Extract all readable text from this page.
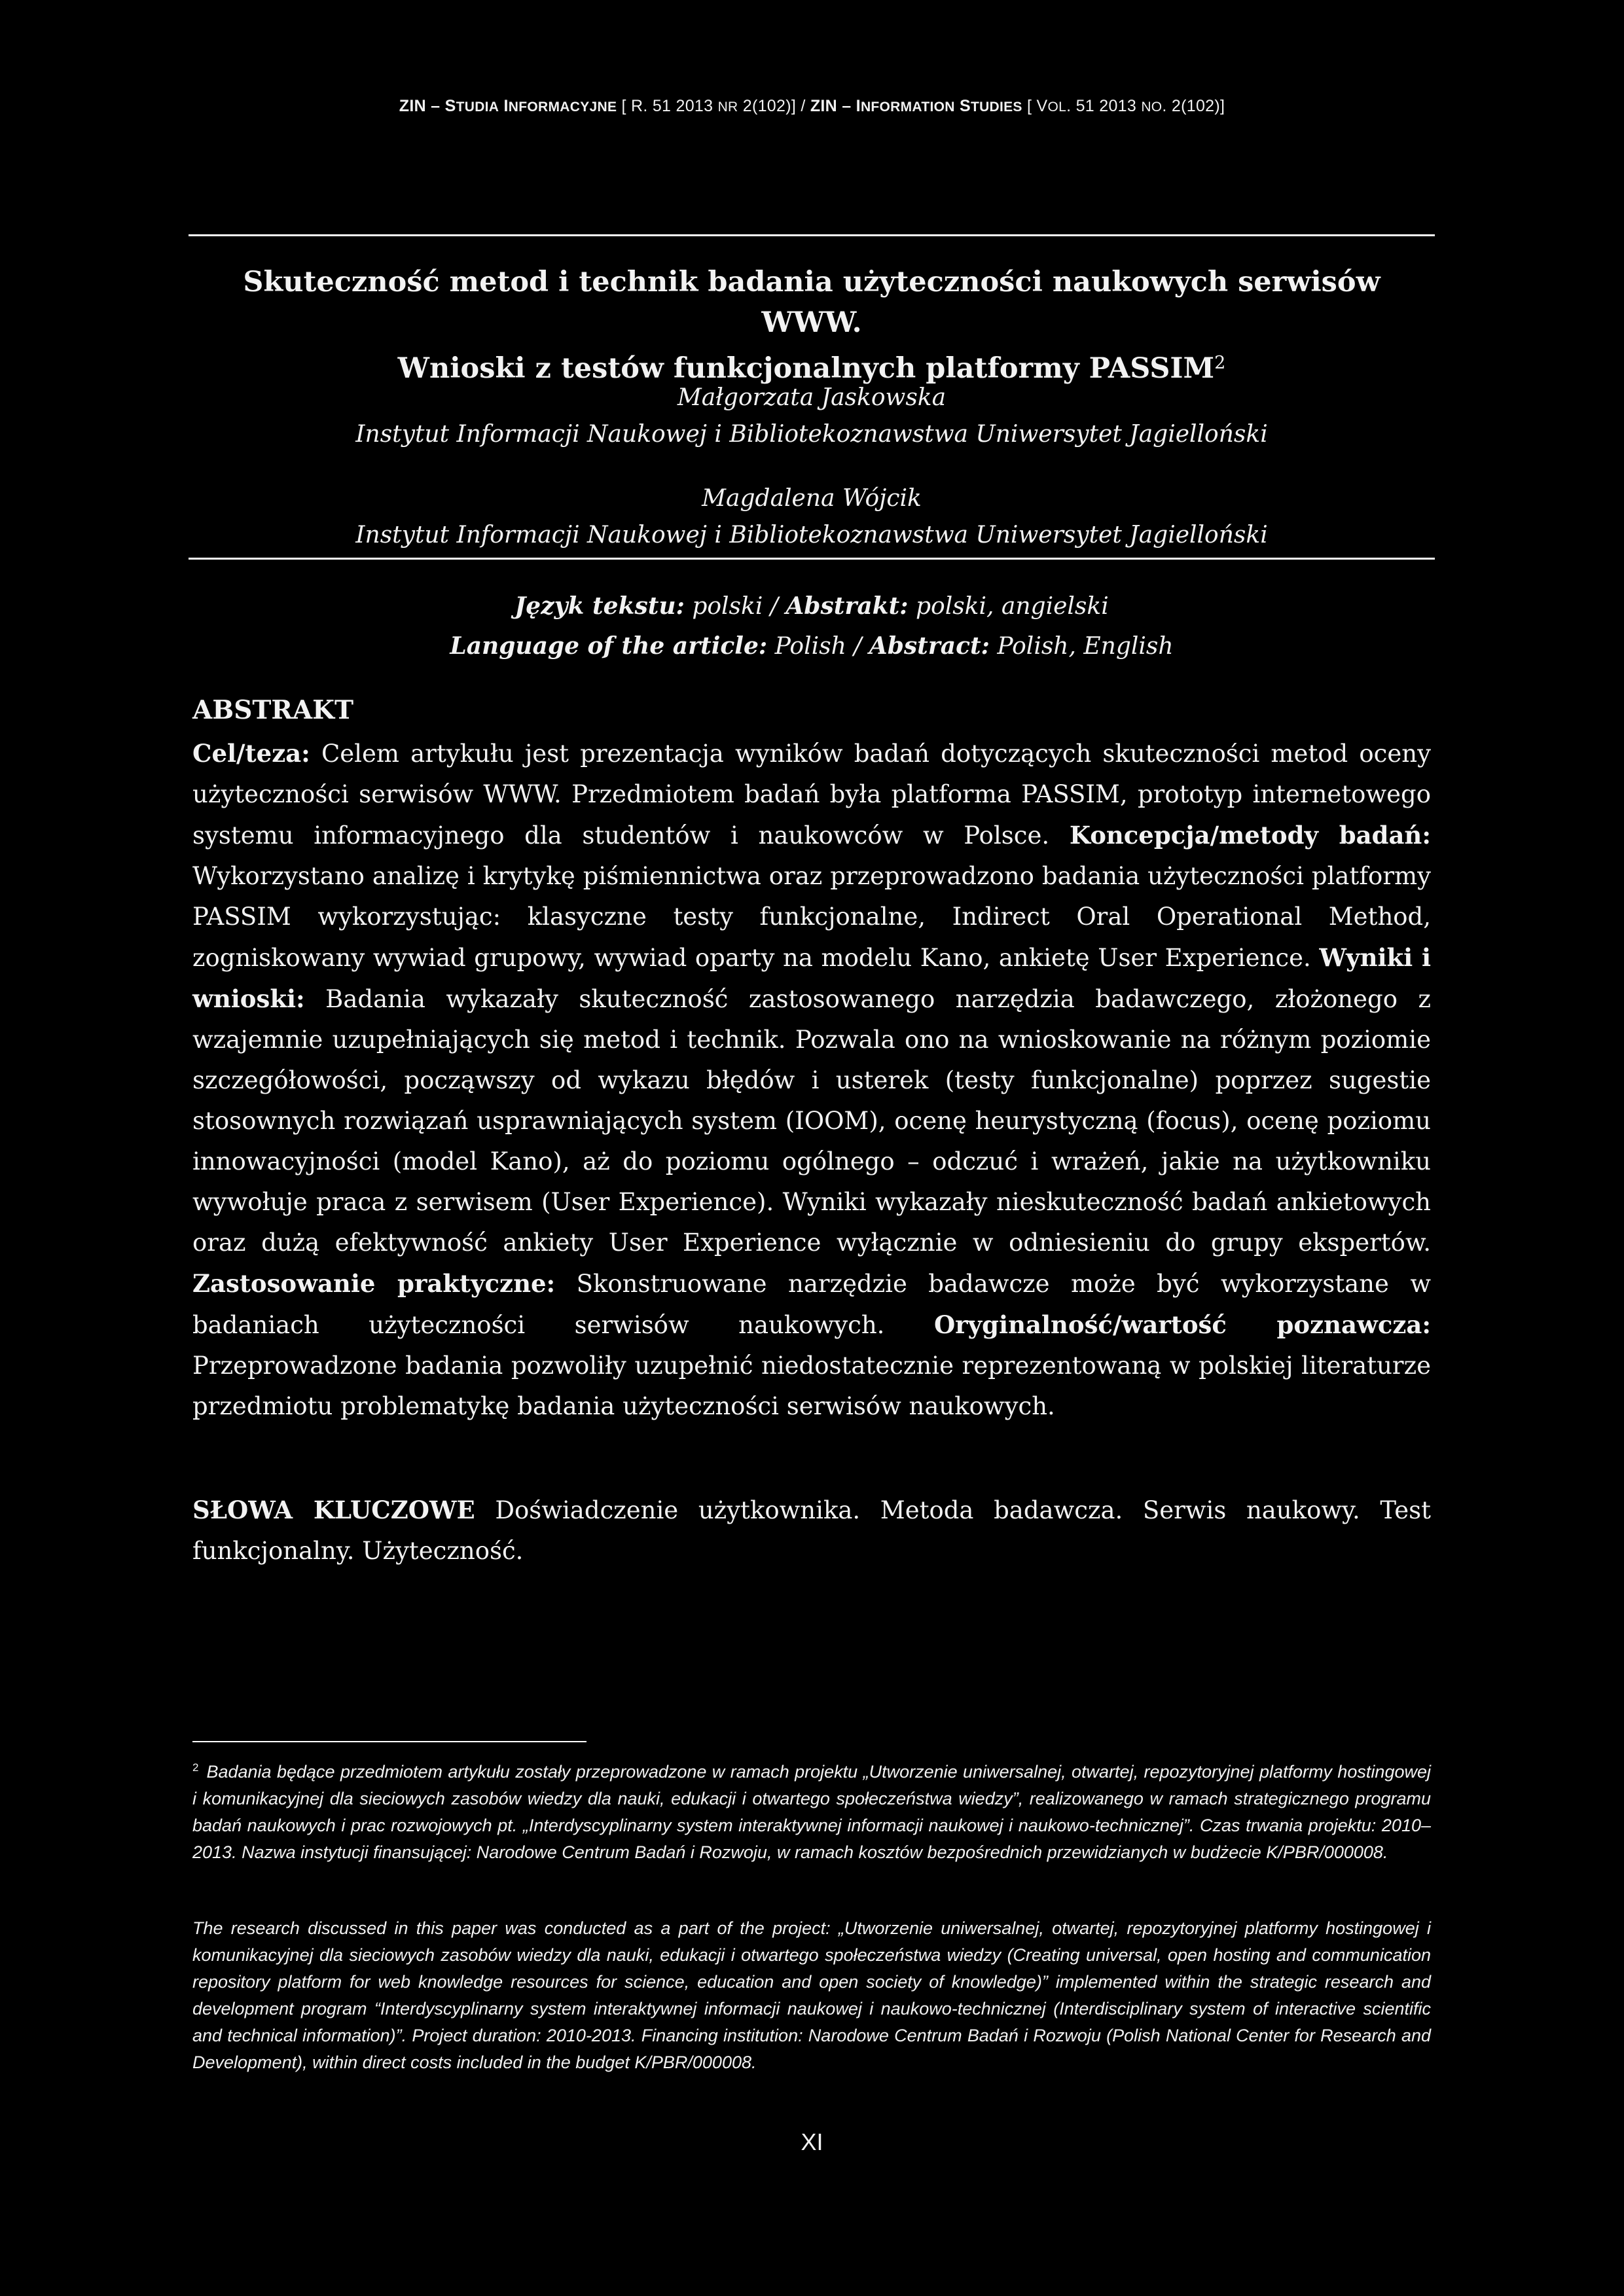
ZIN – STUDIA INFORMACYJNE [ R. 51 2013 NR 2(102)] / ZIN – INFORMATION STUDIES [ VOL. 51 2013 NO. 2(102)]
Skuteczność metod i technik badania użyteczności naukowych serwisów WWW.
Wnioski z testów funkcjonalnych platformy PASSIM$^2$
Małgorzata Jaskowska
Instytut Informacji Naukowej i Bibliotekoznawstwa Uniwersytet Jagielloński
Magdalena Wójcik
Instytut Informacji Naukowej i Bibliotekoznawstwa Uniwersytet Jagielloński
Język tekstu: polski / Abstrakt: polski, angielski
Language of the article: Polish / Abstract: Polish, English
ABSTRAKT
Cel/teza: Celem artykułu jest prezentacja wyników badań dotyczących skuteczności metod oceny użyteczności serwisów WWW. Przedmiotem badań była platforma PASSIM, prototyp internetowego systemu informacyjnego dla studentów i naukowców w Polsce. Koncepcja/metody badań: Wykorzystano analizę i krytykę piśmiennictwa oraz przeprowadzono badania użyteczności platformy PASSIM wykorzystując: klasyczne testy funkcjonalne, Indirect Oral Operational Method, zogniskowany wywiad grupowy, wywiad oparty na modelu Kano, ankietę User Experience. Wyniki i wnioski: Badania wykazały skuteczność zastosowanego narzędzia badawczego, złożonego z wzajemnie uzupełniających się metod i technik. Pozwala ono na wnioskowanie na różnym poziomie szczegółowości, począwszy od wykazu błędów i usterek (testy funkcjonalne) poprzez sugestie stosownych rozwiązań usprawniających system (IOOM), ocenę heurystyczną (focus), ocenę poziomu innowacyjności (model Kano), aż do poziomu ogólnego – odczuć i wrażeń, jakie na użytkowniku wywołuje praca z serwisem (User Experience). Wyniki wykazały nieskuteczność badań ankietowych oraz dużą efektywność ankiety User Experience wyłącznie w odniesieniu do grupy ekspertów. Zastosowanie praktyczne: Skonstruowane narzędzie badawcze może być wykorzystane w badaniach użyteczności serwisów naukowych. Oryginalność/wartość poznawcza: Przeprowadzone badania pozwoliły uzupełnić niedostatecznie reprezentowaną w polskiej literaturze przedmiotu problematykę badania użyteczności serwisów naukowych.
SŁOWA KLUCZOWE Doświadczenie użytkownika. Metoda badawcza. Serwis naukowy. Test funkcjonalny. Użyteczność.
$^2$ Badania będące przedmiotem artykułu zostały przeprowadzone w ramach projektu „Utworzenie uniwersalnej, otwartej, repozytoryjnej platformy hostingowej i komunikacyjnej dla sieciowych zasobów wiedzy dla nauki, edukacji i otwartego społeczeństwa wiedzy”, realizowanego w ramach strategicznego programu badań naukowych i prac rozwojowych pt. „Interdyscyplinarny system interaktywnej informacji naukowej i naukowo-technicznej”. Czas trwania projektu: 2010–2013. Nazwa instytucji finansującej: Narodowe Centrum Badań i Rozwoju, w ramach kosztów bezpośrednich przewidzianych w budżecie K/PBR/000008.
The research discussed in this paper was conducted as a part of the project: „Utworzenie uniwersalnej, otwartej, repozytoryjnej platformy hostingowej i komunikacyjnej dla sieciowych zasobów wiedzy dla nauki, edukacji i otwartego społeczeństwa wiedzy (Creating universal, open hosting and communication repository platform for web knowledge resources for science, education and open society of knowledge)” implemented within the strategic research and development program “Interdyscyplinarny system interaktywnej informacji naukowej i naukowo-technicznej (Interdisciplinary system of interactive scientific and technical information)”. Project duration: 2010-2013. Financing institution: Narodowe Centrum Badań i Rozwoju (Polish National Center for Research and Development), within direct costs included in the budget K/PBR/000008.
XI
